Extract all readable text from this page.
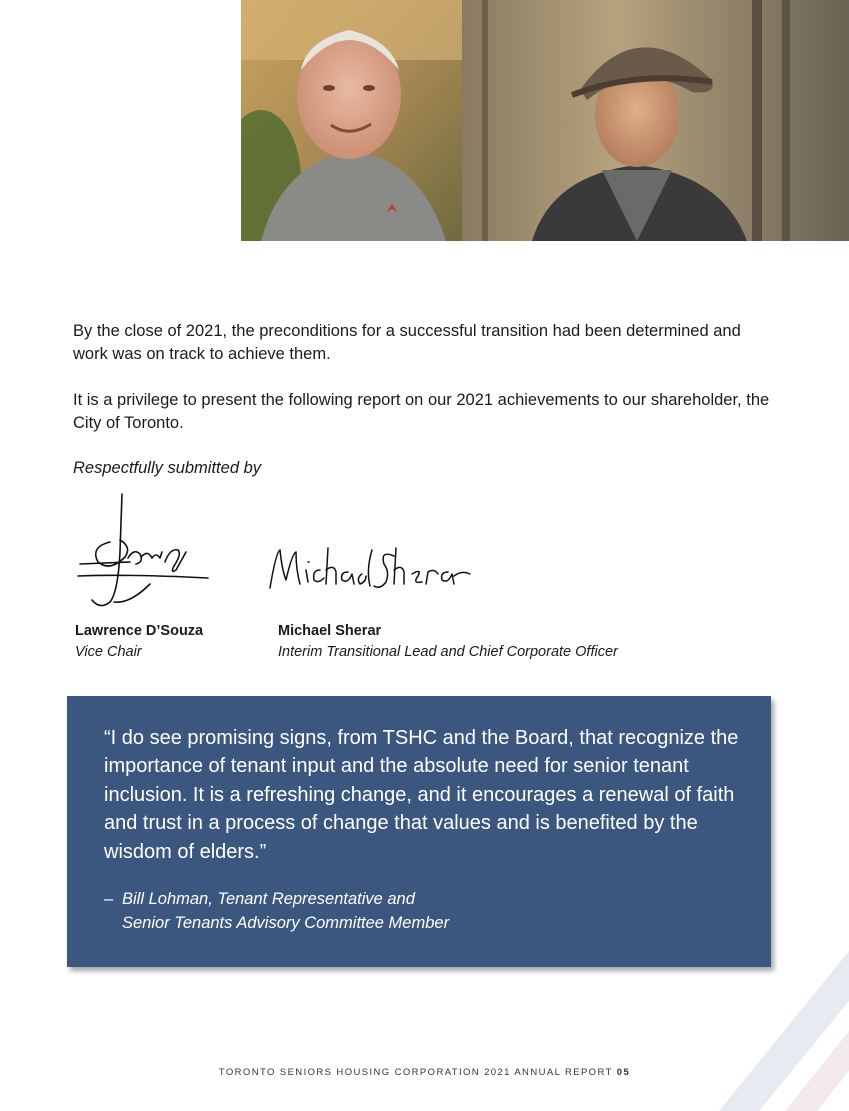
By the close of 2021, the preconditions for a successful transition had been determined and work was on track to achieve them.

It is a privilege to present the following report on our 2021 achievements to our shareholder, the City of Toronto.

Respectfully submitted by

Lawrence D’Souza
Vice Chair
Michael Sherar
Interim Transitional Lead and Chief Corporate Officer

“I do see promising signs, from TSHC and the Board, that recognize the importance of tenant input and the absolute need for senior tenant inclusion. It is a refreshing change, and it encourages a renewal of faith and trust in a process of change that values and is benefited by the wisdom of elders.”

– Bill Lohman, Tenant Representative and
Senior Tenants Advisory Committee Member
TORONTO SENIORS HOUSING CORPORATION 2021 ANNUAL REPORT 05
